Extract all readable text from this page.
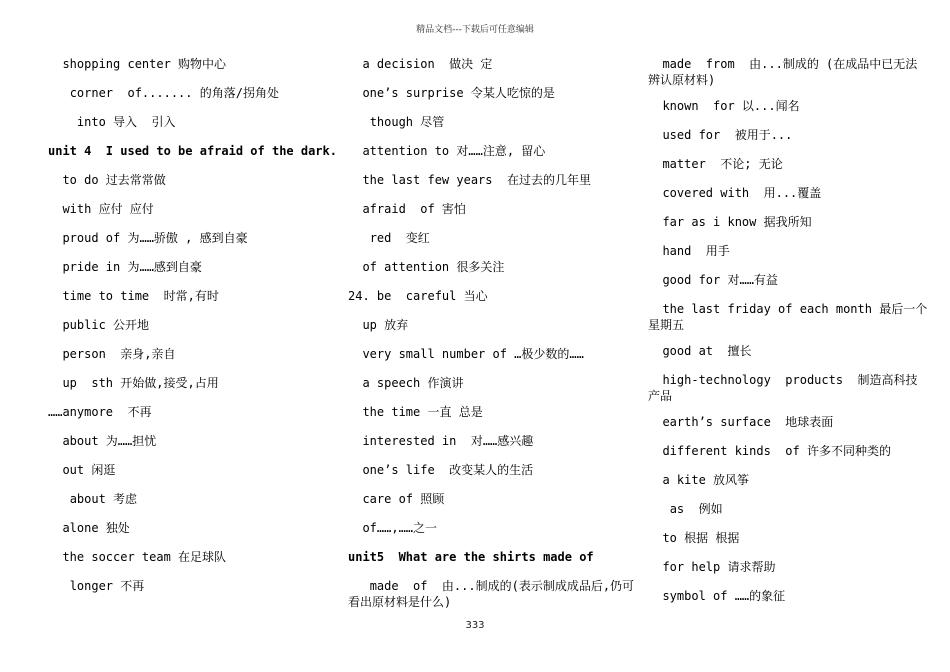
精品文档---下载后可任意编辑
shopping center 购物中心
corner  of....... 的角落/拐角处
into 导入  引入
unit 4  I used to be afraid of the dark.
to do 过去常常做
with 应付 应付
proud of 为……骄傲 , 感到自豪
pride in 为……感到自豪
time to time  时常,有时
public 公开地
person  亲身,亲自
up  sth 开始做,接受,占用
……anymore  不再
about 为……担忧
out 闲逛
about 考虑
alone 独处
the soccer team 在足球队
longer 不再
a decision  做决 定
one’s surprise 令某人吃惊的是
though 尽管
attention to 对……注意, 留心
the last few years  在过去的几年里
afraid  of 害怕
red  变红
of attention 很多关注
24. be  careful 当心
up 放弃
very small number of …极少数的……
a speech 作演讲
the time 一直 总是
interested in  对……感兴趣
one’s life  改变某人的生活
care of 照顾
of……,……之一
unit5  What are the shirts made of
made  of  由...制成的(表示制成成品后,仍可看出原材料是什么)
made  from  由...制成的 (在成品中已无法辨认原材料)
known  for 以...闻名
used for  被用于...
matter  不论; 无论
covered with  用...覆盖
far as i know 据我所知
hand  用手
good for 对……有益
the last friday of each month 最后一个星期五
good at  擅长
high-technology  products  制造高科技产品
earth’s surface  地球表面
different kinds  of 许多不同种类的
a kite 放风筝
as  例如
to 根据 根据
for help 请求帮助
symbol of ……的象征
333
